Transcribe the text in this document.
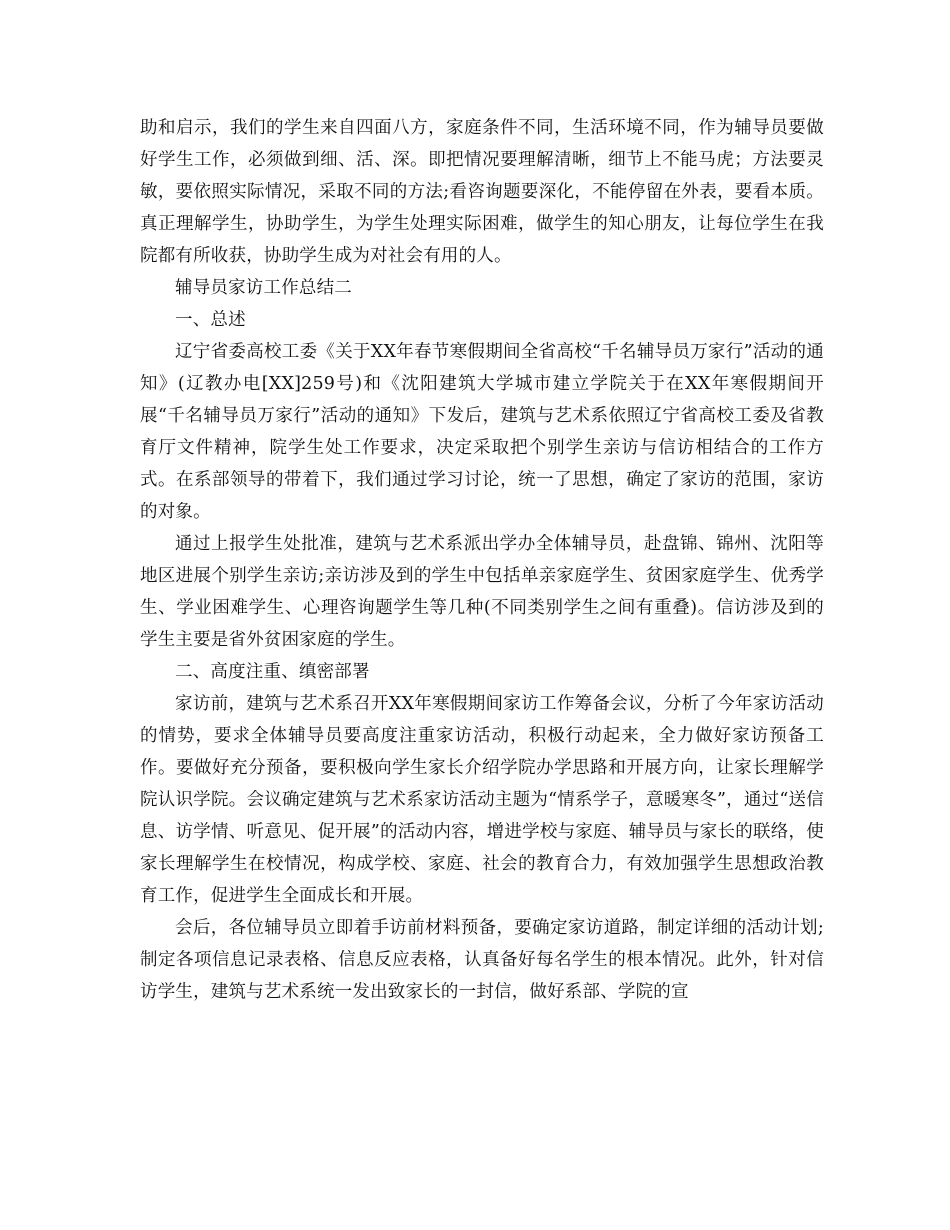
助和启示，我们的学生来自四面八方，家庭条件不同，生活环境不同，作为辅导员要做好学生工作，必须做到细、活、深。即把情况要理解清晰，细节上不能马虎；方法要灵敏，要依照实际情况，采取不同的方法;看咨询题要深化，不能停留在外表，要看本质。真正理解学生，协助学生，为学生处理实际困难，做学生的知心朋友，让每位学生在我院都有所收获，协助学生成为对社会有用的人。

辅导员家访工作总结二

一、总述

辽宁省委高校工委《关于XX年春节寒假期间全省高校“千名辅导员万家行”活动的通知》(辽教办电[XX]259号)和《沈阳建筑大学城市建立学院关于在XX年寒假期间开展“千名辅导员万家行”活动的通知》下发后，建筑与艺术系依照辽宁省高校工委及省教育厅文件精神，院学生处工作要求，决定采取把个别学生亲访与信访相结合的工作方式。在系部领导的带着下，我们通过学习讨论，统一了思想，确定了家访的范围，家访的对象。

通过上报学生处批准，建筑与艺术系派出学办全体辅导员，赴盘锦、锦州、沈阳等地区进展个别学生亲访;亲访涉及到的学生中包括单亲家庭学生、贫困家庭学生、优秀学生、学业困难学生、心理咨询题学生等几种(不同类别学生之间有重叠)。信访涉及到的学生主要是省外贫困家庭的学生。

二、高度注重、缜密部署

家访前，建筑与艺术系召开XX年寒假期间家访工作筹备会议，分析了今年家访活动的情势，要求全体辅导员要高度注重家访活动，积极行动起来，全力做好家访预备工作。要做好充分预备，要积极向学生家长介绍学院办学思路和开展方向，让家长理解学院认识学院。会议确定建筑与艺术系家访活动主题为“情系学子，意暖寒冬”，通过“送信息、访学情、听意见、促开展”的活动内容，增进学校与家庭、辅导员与家长的联络，使家长理解学生在校情况，构成学校、家庭、社会的教育合力，有效加强学生思想政治教育工作，促进学生全面成长和开展。

会后，各位辅导员立即着手访前材料预备，要确定家访道路，制定详细的活动计划;制定各项信息记录表格、信息反应表格，认真备好每名学生的根本情况。此外，针对信访学生，建筑与艺术系统一发出致家长的一封信，做好系部、学院的宣
